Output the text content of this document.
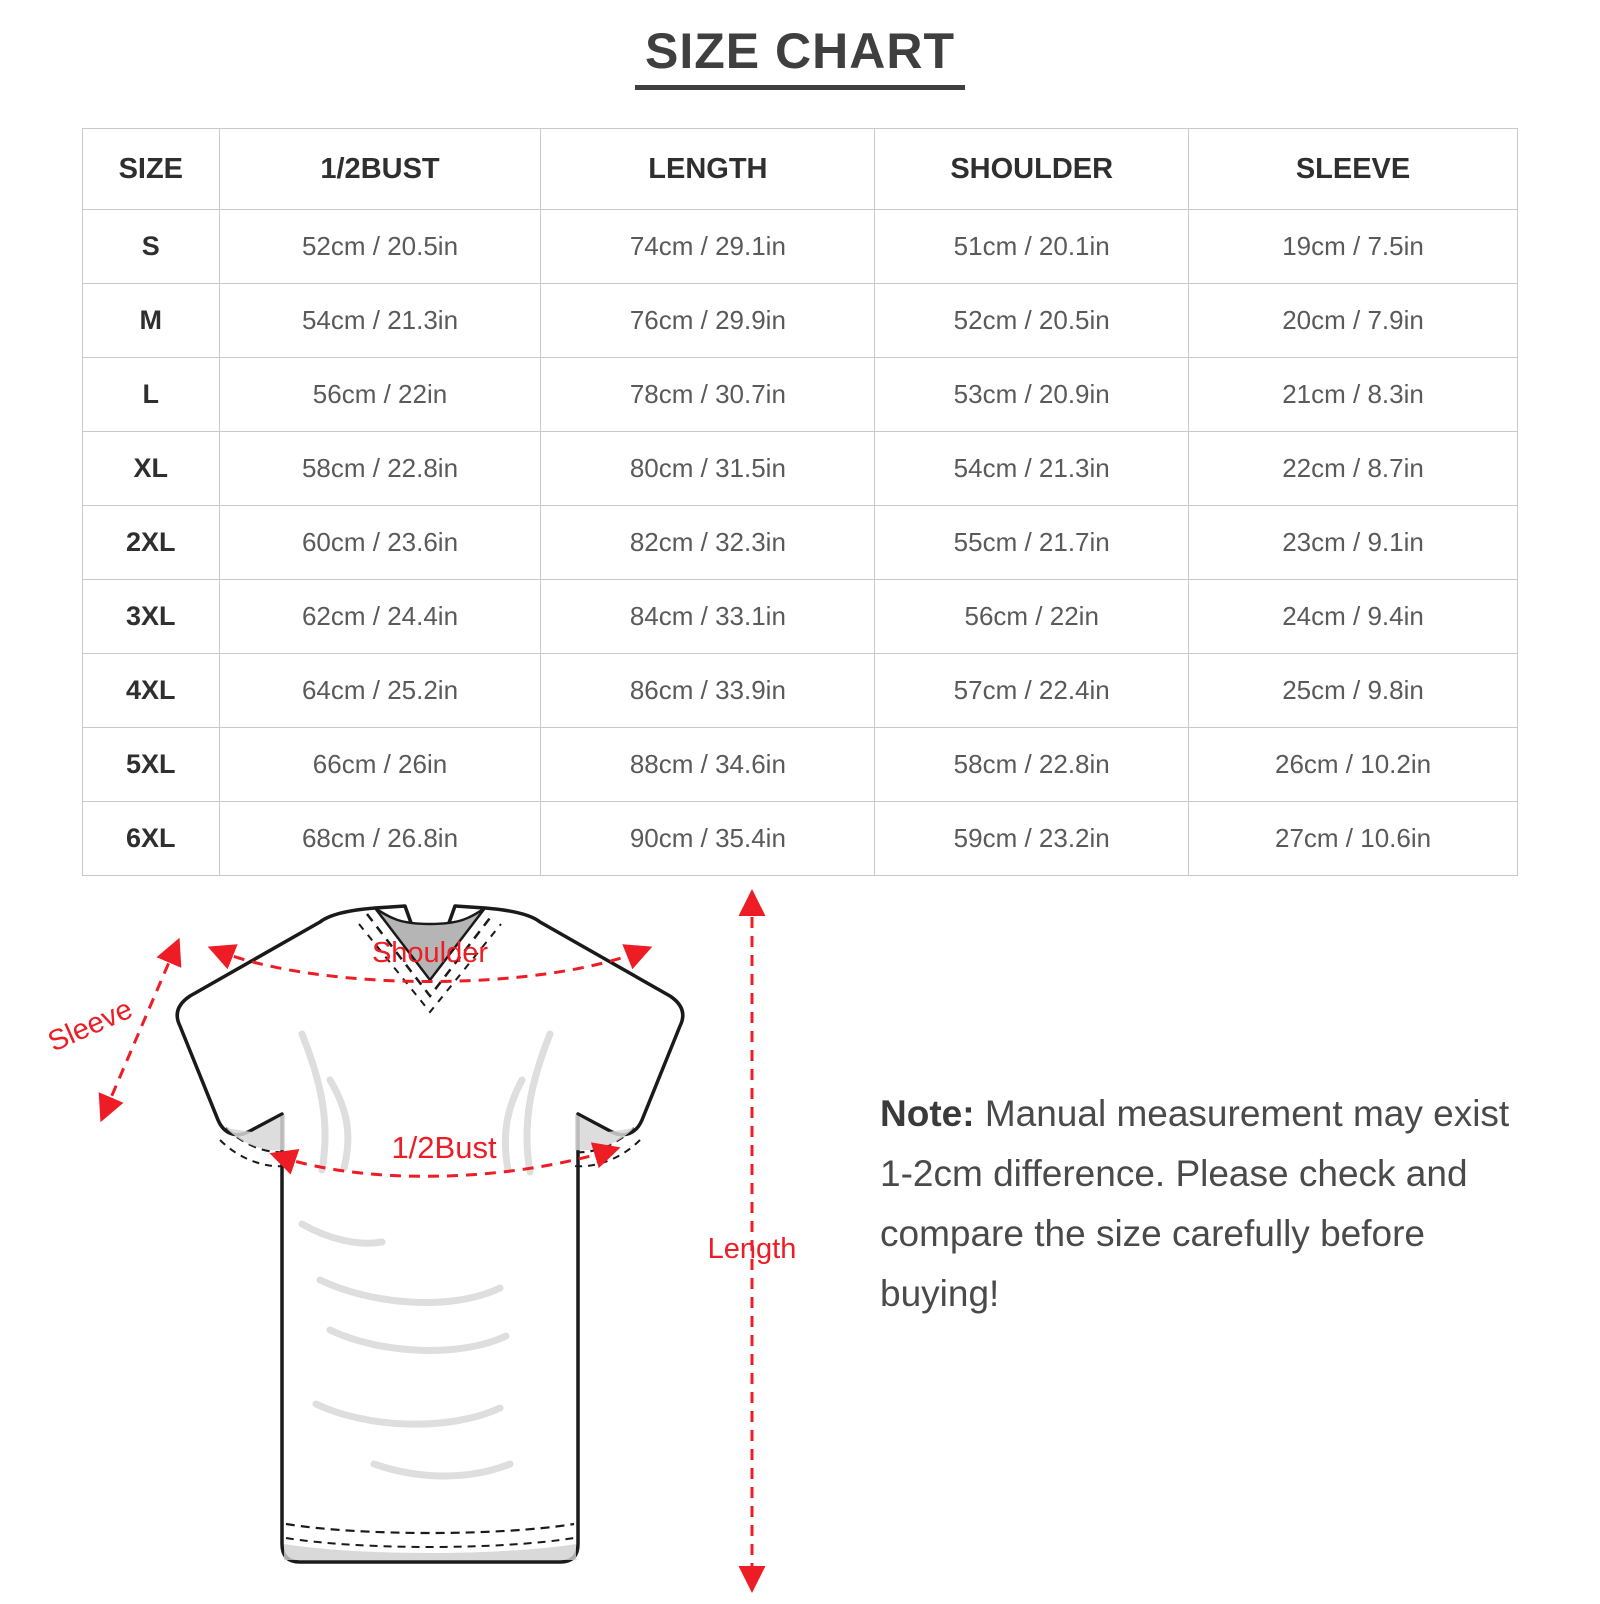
SIZE CHART
SIZE	1/2BUST	LENGTH	SHOULDER	SLEEVE
S	52cm / 20.5in	74cm / 29.1in	51cm / 20.1in	19cm / 7.5in
M	54cm / 21.3in	76cm / 29.9in	52cm / 20.5in	20cm / 7.9in
L	56cm / 22in	78cm / 30.7in	53cm / 20.9in	21cm / 8.3in
XL	58cm / 22.8in	80cm / 31.5in	54cm / 21.3in	22cm / 8.7in
2XL	60cm / 23.6in	82cm / 32.3in	55cm / 21.7in	23cm / 9.1in
3XL	62cm / 24.4in	84cm / 33.1in	56cm / 22in	24cm / 9.4in
4XL	64cm / 25.2in	86cm / 33.9in	57cm / 22.4in	25cm / 9.8in
5XL	66cm / 26in	88cm / 34.6in	58cm / 22.8in	26cm / 10.2in
6XL	68cm / 26.8in	90cm / 35.4in	59cm / 23.2in	27cm / 10.6in
Shoulder
Sleeve
1/2Bust
Length
Note: Manual measurement may exist 1-2cm difference. Please check and compare the size carefully before buying!
